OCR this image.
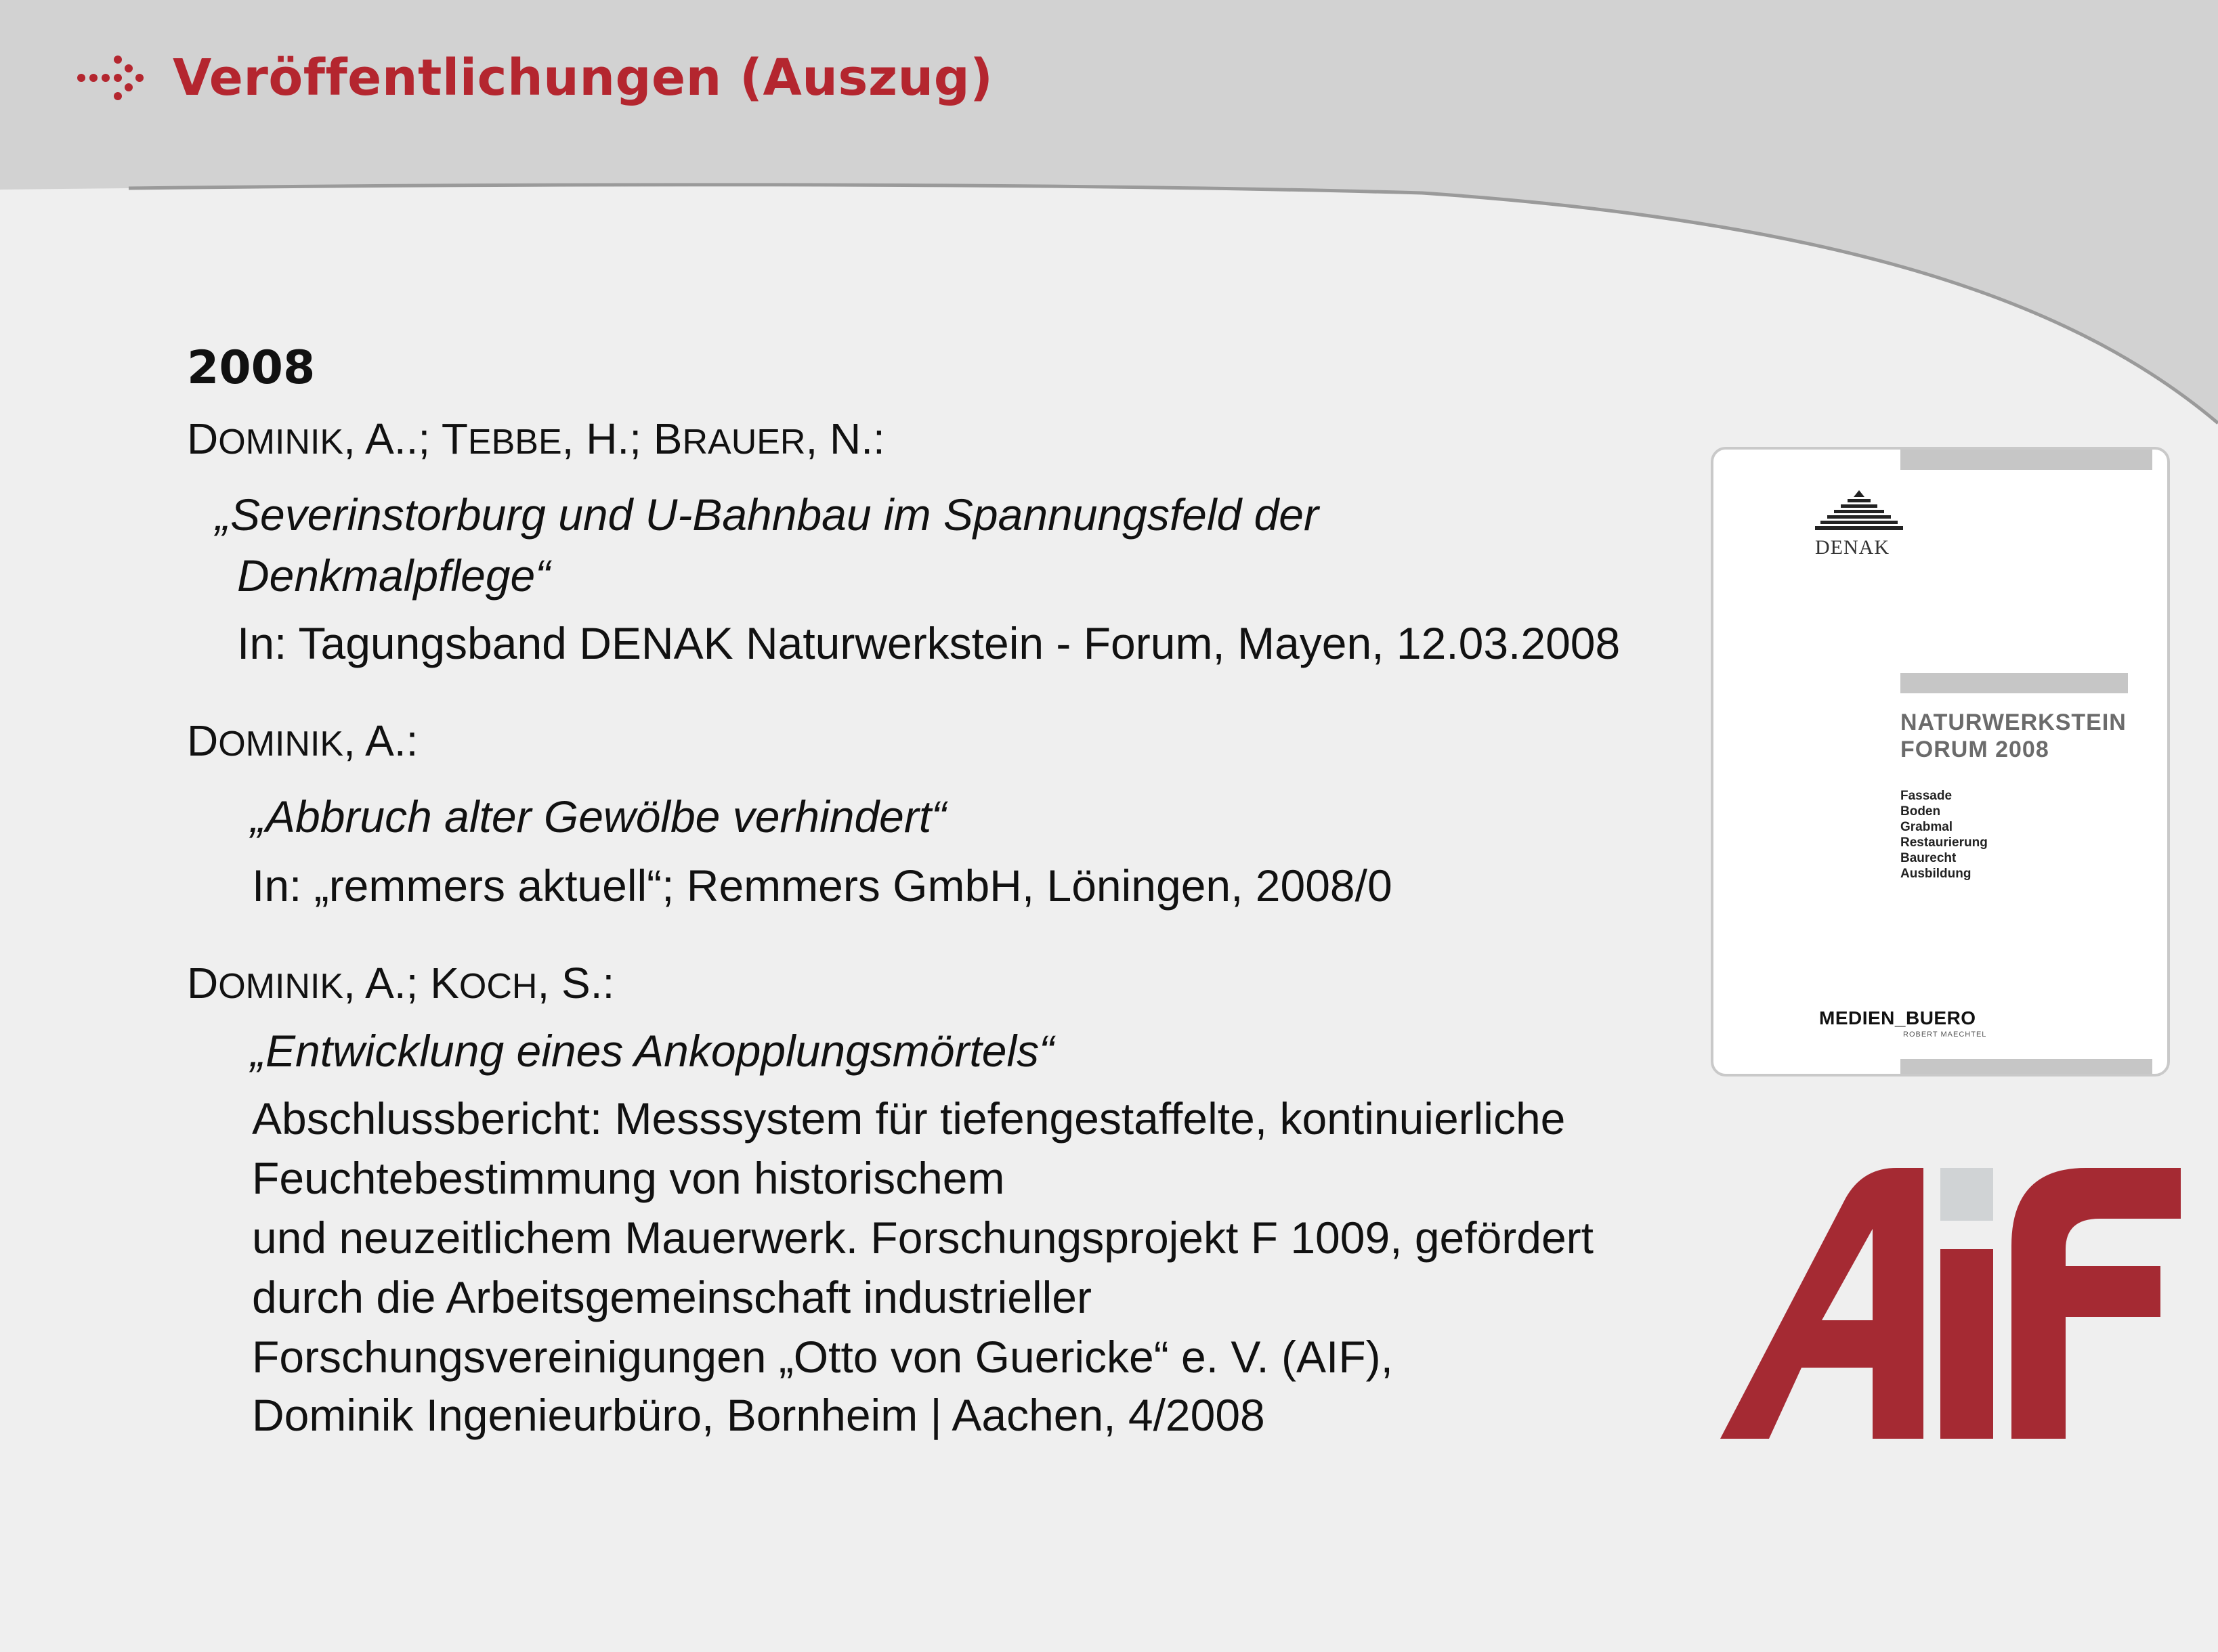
Veröffentlichungen (Auszug)
2008
DOMINIK, A..; TEBBE, H.; BRAUER, N.:
„Severinstorburg und U-Bahnbau im Spannungsfeld der
Denkmalpflege“
In: Tagungsband DENAK Naturwerkstein - Forum, Mayen, 12.03.2008
DOMINIK, A.:
„Abbruch alter Gewölbe verhindert“
In: „remmers aktuell“; Remmers GmbH, Löningen, 2008/0
DOMINIK, A.; KOCH, S.:
„Entwicklung eines Ankopplungsmörtels“
Abschlussbericht: Messsystem für tiefengestaffelte, kontinuierliche
Feuchtebestimmung von historischem
und neuzeitlichem Mauerwerk. Forschungsprojekt F 1009, gefördert
durch die Arbeitsgemeinschaft industrieller
Forschungsvereinigungen „Otto von Guericke“ e. V. (AIF),
Dominik Ingenieurbüro, Bornheim | Aachen, 4/2008
DENAK
NATURWERKSTEIN
FORUM 2008
Fassade
Boden
Grabmal
Restaurierung
Baurecht
Ausbildung
MEDIEN_BUERO
ROBERT MAECHTEL
